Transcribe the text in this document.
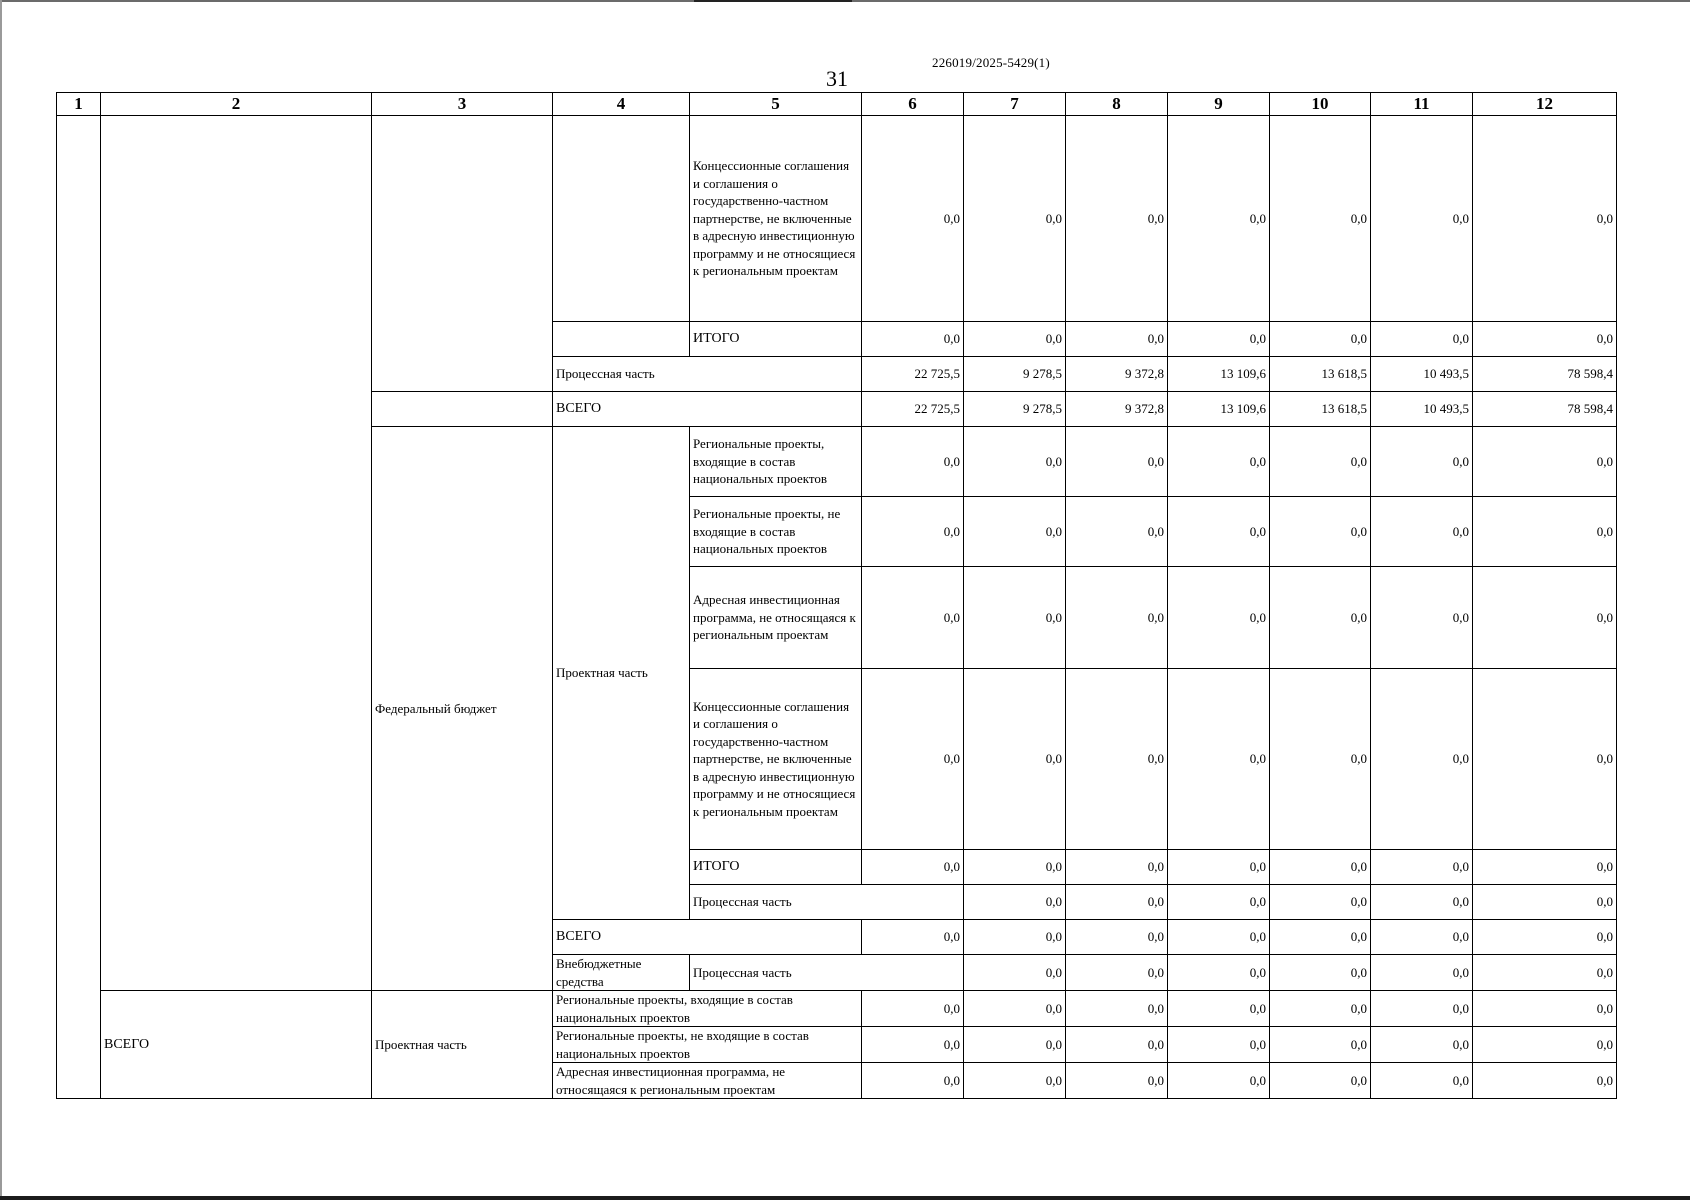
226019/2025-5429(1)
31
1	2	3	4	5	6	7	8	9	10	11	12	
				Концессионные соглашения и соглашения о государственно-частном партнерстве, не включенные в адресную инвестиционную программу и не относящиеся к региональным проектам	0,0	0,0	0,0	0,0	0,0	0,0	0,0	
				ИТОГО	0,0	0,0	0,0	0,0	0,0	0,0	0,0	
			Процессная часть		22 725,5	9 278,5	9 372,8	13 109,6	13 618,5	10 493,5	78 598,4	
			ВСЕГО		22 725,5	9 278,5	9 372,8	13 109,6	13 618,5	10 493,5	78 598,4	
		Федеральный бюджет	Проектная часть	Региональные проекты, входящие в состав национальных проектов	0,0	0,0	0,0	0,0	0,0	0,0	0,0	
				Региональные проекты, не входящие в состав национальных проектов	0,0	0,0	0,0	0,0	0,0	0,0	0,0	
				Адресная инвестиционная программа, не относящаяся к региональным проектам	0,0	0,0	0,0	0,0	0,0	0,0	0,0	
				Концессионные соглашения и соглашения о государственно-частном партнерстве, не включенные в адресную инвестиционную программу и не относящиеся к региональным проектам	0,0	0,0	0,0	0,0	0,0	0,0	0,0	
				ИТОГО	0,0	0,0	0,0	0,0	0,0	0,0	0,0	
				Процессная часть		0,0	0,0	0,0	0,0	0,0	0,0	
			ВСЕГО		0,0	0,0	0,0	0,0	0,0	0,0	0,0	
			Внебюджетные средства	Процессная часть		0,0	0,0	0,0	0,0	0,0	0,0	
	ВСЕГО	Проектная часть	Региональные проекты, входящие в состав национальных проектов		0,0	0,0	0,0	0,0	0,0	0,0	0,0	
			Региональные проекты, не входящие в состав национальных проектов		0,0	0,0	0,0	0,0	0,0	0,0	0,0	
			Адресная инвестиционная программа, не относящаяся к региональным проектам		0,0	0,0	0,0	0,0	0,0	0,0	0,0	
